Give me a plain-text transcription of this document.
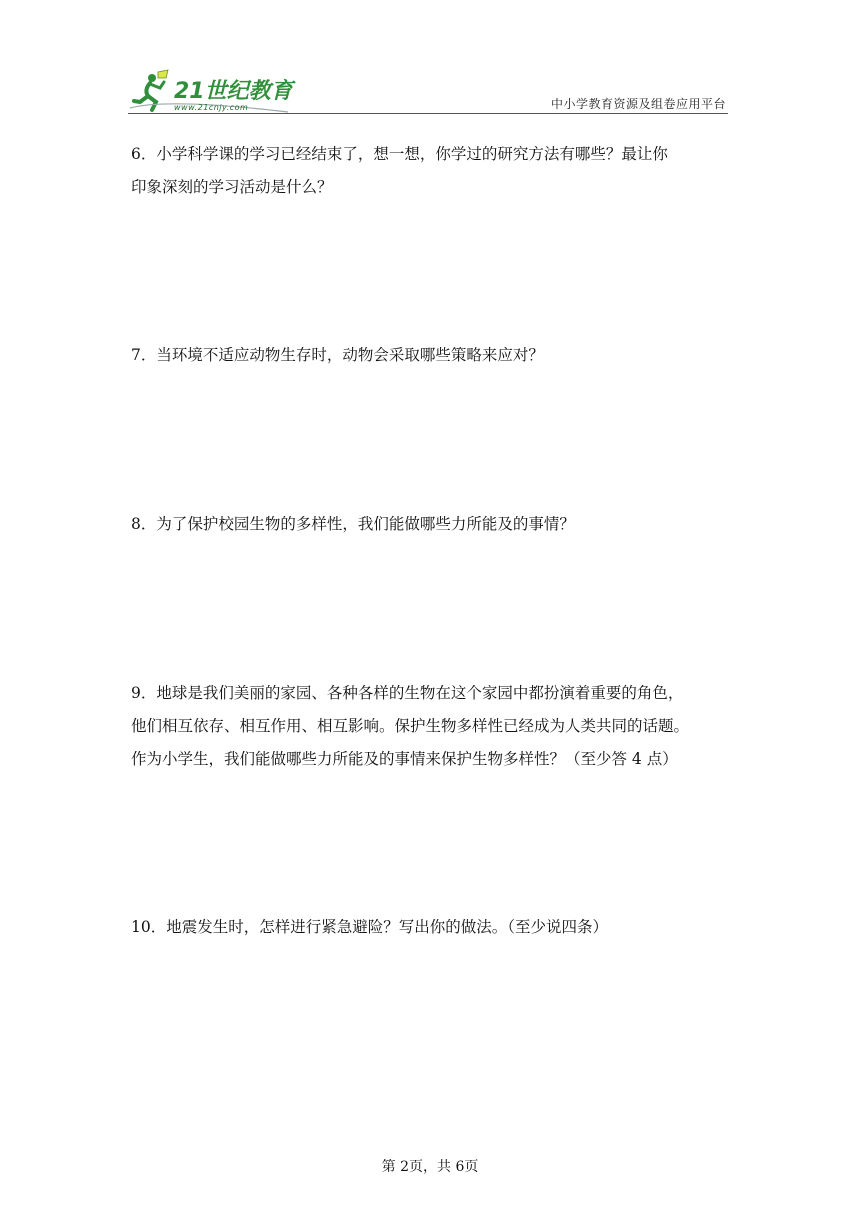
21世纪教育
www.21cnjy.com	中小学教育资源及组卷应用平台

6．小学科学课的学习已经结束了，想一想，你学过的研究方法有哪些？最让你

印象深刻的学习活动是什么？

7．当环境不适应动物生存时，动物会采取哪些策略来应对？

8．为了保护校园生物的多样性，我们能做哪些力所能及的事情？

9．地球是我们美丽的家园、各种各样的生物在这个家园中都扮演着重要的角色，

他们相互依存、相互作用、相互影响。保护生物多样性已经成为人类共同的话题。

作为小学生，我们能做哪些力所能及的事情来保护生物多样性？（至少答 4 点）

10．地震发生时，怎样进行紧急避险？写出你的做法。（至少说四条）

第 2页，共 6页
